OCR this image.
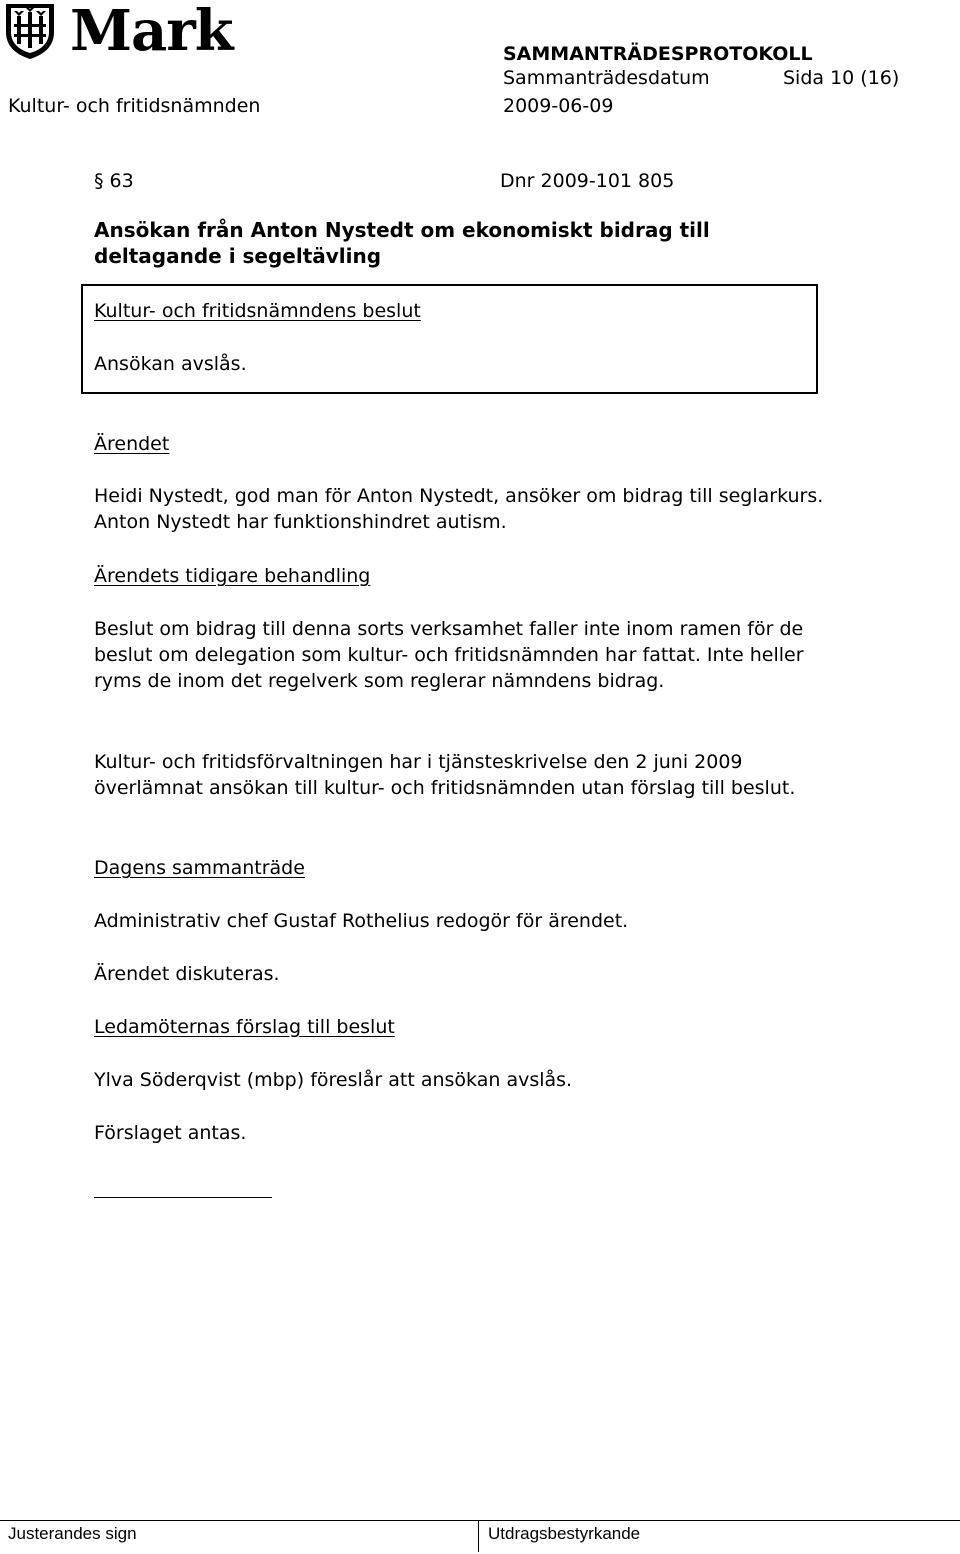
Mark	SAMMANTRÄDESPROTOKOLL
Sammanträdesdatum	Sida 10 (16)
Kultur- och fritidsnämnden	2009-06-09
§ 63	Dnr 2009-101 805
Ansökan från Anton Nystedt om ekonomiskt bidrag till deltagande i segeltävling
Kultur- och fritidsnämndens beslut
Ansökan avslås.
Ärendet
Heidi Nystedt, god man för Anton Nystedt, ansöker om bidrag till seglarkurs. Anton Nystedt har funktionshindret autism.
Ärendets tidigare behandling
Beslut om bidrag till denna sorts verksamhet faller inte inom ramen för de beslut om delegation som kultur- och fritidsnämnden har fattat. Inte heller ryms de inom det regelverk som reglerar nämndens bidrag.
Kultur- och fritidsförvaltningen har i tjänsteskrivelse den 2 juni 2009 överlämnat ansökan till kultur- och fritidsnämnden utan förslag till beslut.
Dagens sammanträde
Administrativ chef Gustaf Rothelius redogör för ärendet.
Ärendet diskuteras.
Ledamöternas förslag till beslut
Ylva Söderqvist (mbp) föreslår att ansökan avslås.
Förslaget antas.
Justerandes sign	Utdragsbestyrkande
